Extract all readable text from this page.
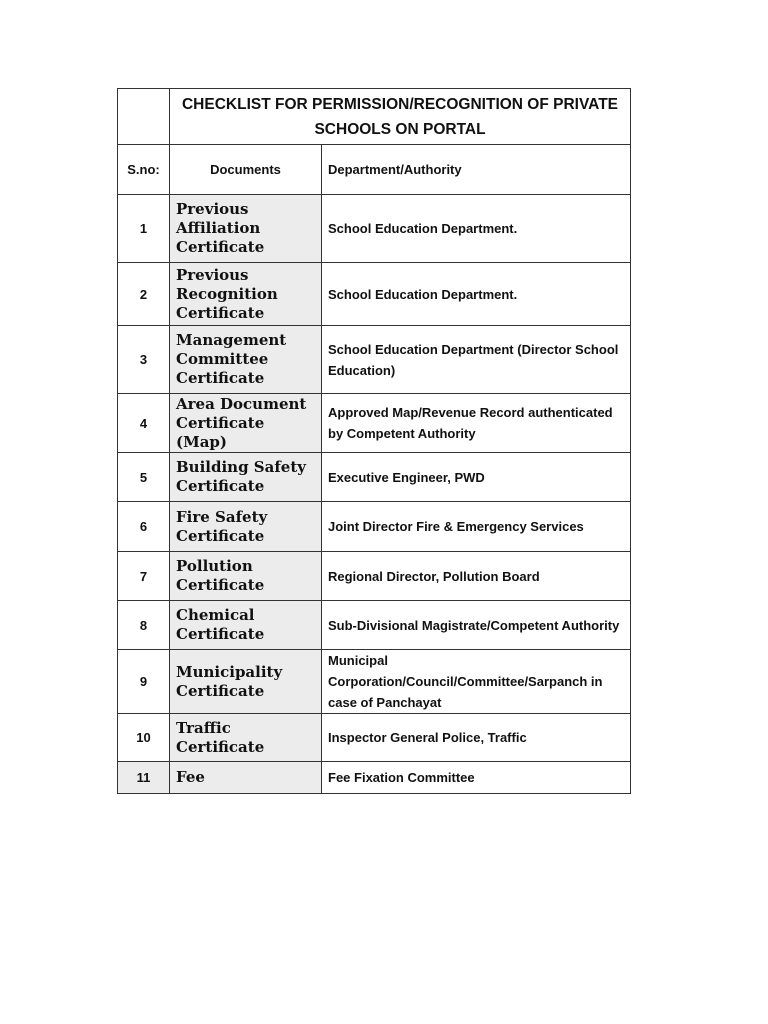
	CHECKLIST FOR PERMISSION/RECOGNITION OF PRIVATE SCHOOLS ON PORTAL	
S.no:	Documents	Department/Authority
1	Previous Affiliation Certificate	School Education Department.
2	Previous Recognition Certificate	School Education Department.
3	Management Committee Certificate	School Education Department (Director School Education)
4	Area Document Certificate (Map)	Approved Map/Revenue Record authenticated by Competent Authority
5	Building Safety Certificate	Executive Engineer, PWD
6	Fire Safety Certificate	Joint Director Fire & Emergency Services
7	Pollution Certificate	Regional Director, Pollution Board
8	Chemical Certificate	Sub-Divisional Magistrate/Competent Authority
9	Municipality Certificate	Municipal Corporation/Council/Committee/Sarpanch in case of Panchayat
10	Traffic Certificate	Inspector General Police, Traffic
11	Fee	Fee Fixation Committee
